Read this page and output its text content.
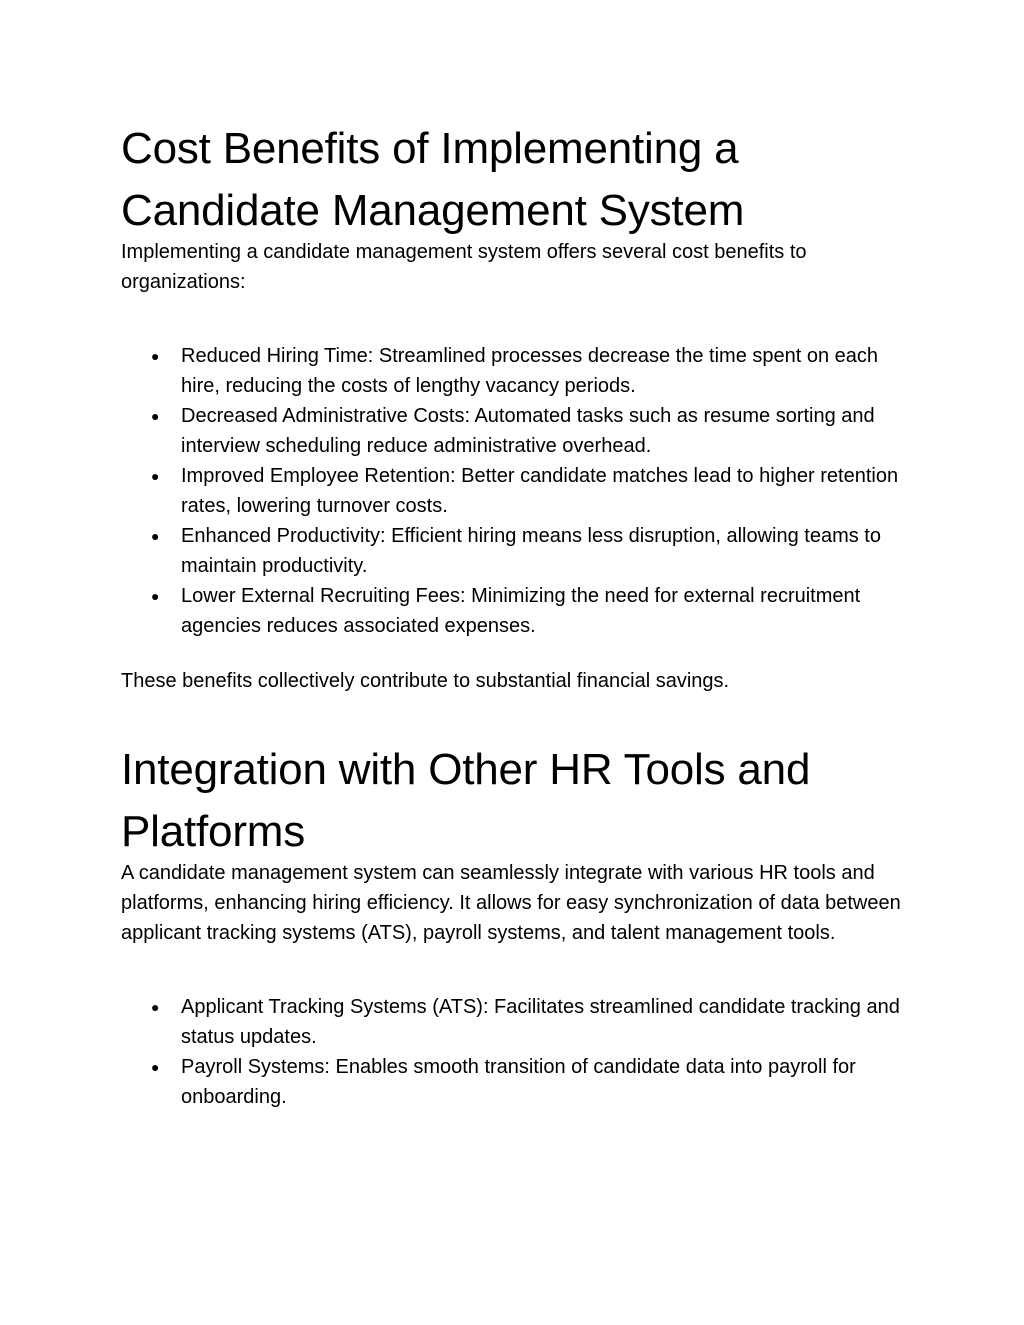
Cost Benefits of Implementing a
Candidate Management System

Implementing a candidate management system offers several cost benefits to organizations:

●	Reduced Hiring Time: Streamlined processes decrease the time spent on each hire, reducing the costs of lengthy vacancy periods.
●	Decreased Administrative Costs: Automated tasks such as resume sorting and interview scheduling reduce administrative overhead.
●	Improved Employee Retention: Better candidate matches lead to higher retention rates, lowering turnover costs.
●	Enhanced Productivity: Efficient hiring means less disruption, allowing teams to maintain productivity.
●	Lower External Recruiting Fees: Minimizing the need for external recruitment agencies reduces associated expenses.

These benefits collectively contribute to substantial financial savings.

Integration with Other HR Tools and
Platforms

A candidate management system can seamlessly integrate with various HR tools and platforms, enhancing hiring efficiency. It allows for easy synchronization of data between applicant tracking systems (ATS), payroll systems, and talent management tools.

●	Applicant Tracking Systems (ATS): Facilitates streamlined candidate tracking and status updates.
●	Payroll Systems: Enables smooth transition of candidate data into payroll for onboarding.
